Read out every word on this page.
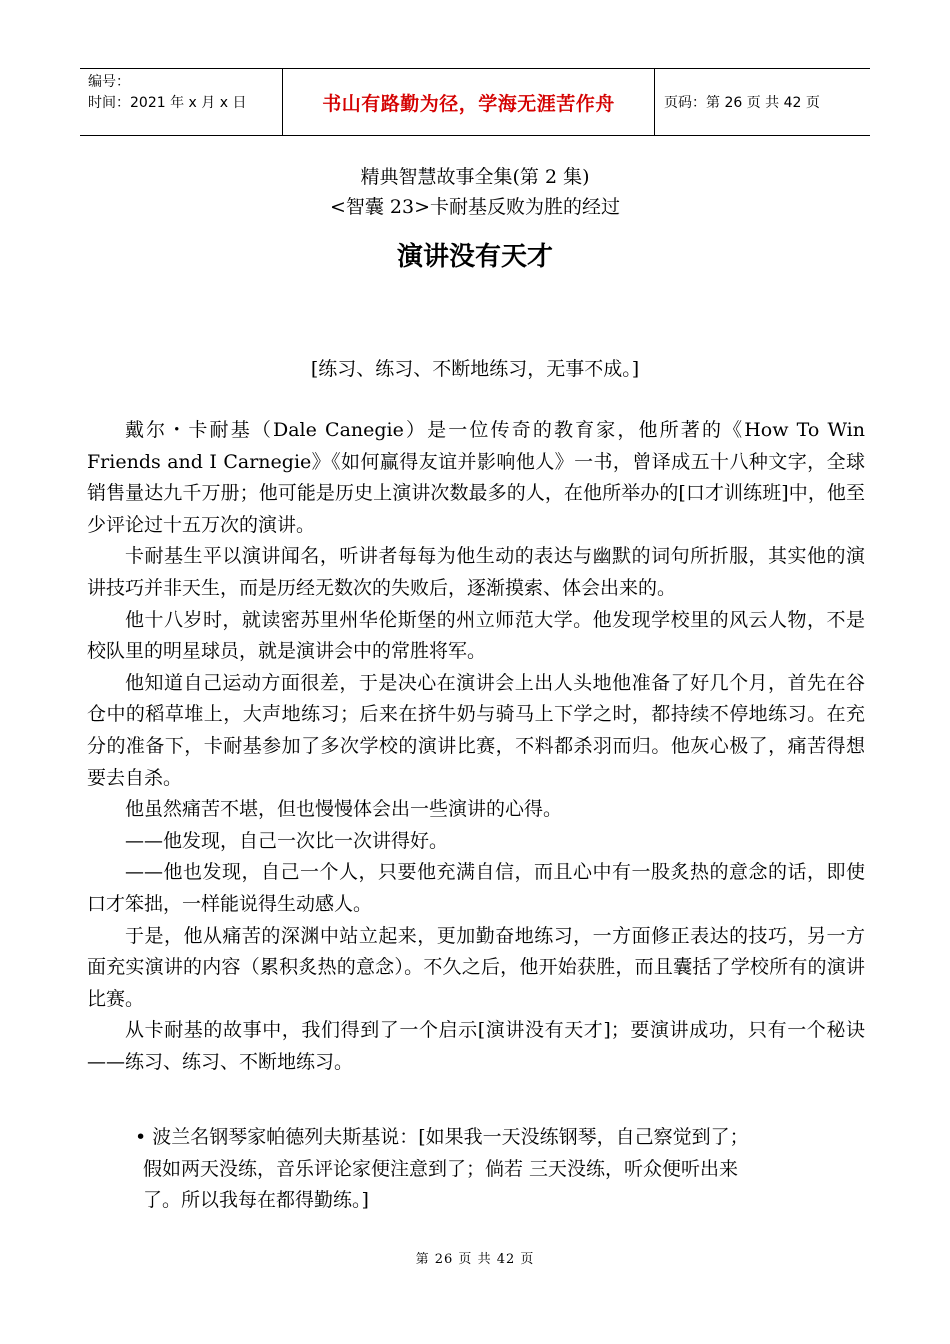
编号：
时间：2021 年 x 月 x 日	书山有路勤为径，学海无涯苦作舟	页码：第 26 页 共 42 页
精典智慧故事全集(第 2 集)
<智囊 23>卡耐基反败为胜的经过
演讲没有天才
[练习、练习、不断地练习，无事不成。]

戴尔・卡耐基（Dale Canegie）是一位传奇的教育家，他所著的《How To Win Friends and I Carnegie》《如何赢得友谊并影响他人》一书，曾译成五十八种文字，全球销售量达九千万册；他可能是历史上演讲次数最多的人，在他所举办的[口才训练班]中，他至少评论过十五万次的演讲。

卡耐基生平以演讲闻名，听讲者每每为他生动的表达与幽默的词句所折服，其实他的演讲技巧并非天生，而是历经无数次的失败后，逐渐摸索、体会出来的。

他十八岁时，就读密苏里州华伦斯堡的州立师范大学。他发现学校里的风云人物，不是校队里的明星球员，就是演讲会中的常胜将军。

他知道自己运动方面很差，于是决心在演讲会上出人头地他准备了好几个月，首先在谷仓中的稻草堆上，大声地练习；后来在挤牛奶与骑马上下学之时，都持续不停地练习。在充分的准备下，卡耐基参加了多次学校的演讲比赛，不料都杀羽而归。他灰心极了，痛苦得想要去自杀。

他虽然痛苦不堪，但也慢慢体会出一些演讲的心得。

——他发现，自己一次比一次讲得好。

——他也发现，自己一个人，只要他充满自信，而且心中有一股炙热的意念的话，即使口才笨拙，一样能说得生动感人。

于是，他从痛苦的深渊中站立起来，更加勤奋地练习，一方面修正表达的技巧，另一方面充实演讲的内容（累积炙热的意念）。不久之后，他开始获胜，而且囊括了学校所有的演讲比赛。

从卡耐基的故事中，我们得到了一个启示[演讲没有天才]；要演讲成功，只有一个秘诀——练习、练习、不断地练习。

• 波兰名钢琴家帕德列夫斯基说：[如果我一天没练钢琴，自己察觉到了；
假如两天没练，音乐评论家便注意到了；倘若 三天没练，听众便听出来
了。所以我每在都得勤练。]
第 26 页 共 42 页
